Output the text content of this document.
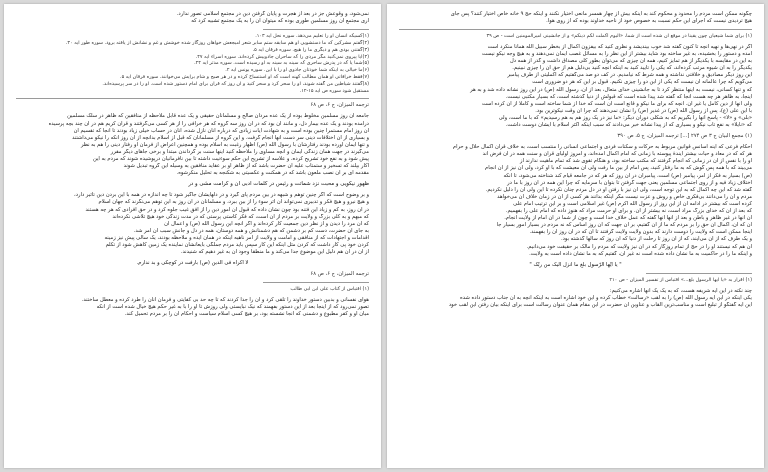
نمی‌شود، و وقوعش جز در بعد از هجرت و پایان گرفتن دین در مجتمع اسلامی تصور ندارد.
آری مجتمع آن روز مسلمین طوری بوده که میتوان آن را به یک مجتمع تشبیه کرد که
(۱)‌کسیکه انسان او را تعلیم می‌دهد. سوره نحل آیه ۱۰۳.
(۲)‌گفتم مشرکین که ما دستشویی او هم سابقه ستم سابر شعر امیجعش خواهان روزگار شده خوشش و غم و نشانش از یافته برود. سوره طور آیه ۳۰.
(۳)‌گفتنی بودی هم و دیگری ما را هیچ. سوره فرقان آیه ۵.
(۴)‌آیا پیروی نمی‌کنید مگر مردی را که ساحران جادوییش کرده‌اند. سوره اسراء آیه ۴۷.
(۵)‌شما یا که در پدرش ساحری که سینه به سینه به او رسیده است. سوره مدثر آیه ۲۴.
(۶)‌ما خیالی به اینکه شما خودتان جادوی او را با این. سوره یونس آیه ۲.
(۷)‌فقط خرافاتی او همان مطالب کهنه است که او استنساخ کرده و در هر صبح و شام برایش می‌خوانند. سوره فرقان آیه ۵.
(۸)‌گفتند شیاطین من گفته شوند، او را سحر کرد و سحر کنید و آن روز که قرآن برای امام دستور شده است. او را در سر پرسیده‌اند.
مستقیل شود سوره ص آیه ۱۵-۱۲.
ترجمه المیزان، ج ۶، ص ۶۸
جامعه آن روز مسلمین مخلوط بوده از یک عده مردان صالح و مسلمانان حقیقی و یک عده قابل ملاحظه از منافقین که ظاهر در سلک مسلمین
درآمده بودند و یک عده بیمار دل، و مانند آن بود که در آن روز سه گروه که هر خرافی را از هر کسی می‌گرفتند و قرآن کریم هم در آن چند بچه پرسیده
آن روز امام مستمراً چنین بوده است و به شهادت آیات زیادی که درباره آنان نازل شده، آنان در حساب خیلی زیاد بودند تا آنجا که تقسیم آن
و بسیاری از آن اختلافات دینی سر دست آنها انجام گرفت. و این گروه از مسلمانان که قبل از اسلام بدانچه از آن روز آنکه را نیکو می‌داشتند
و تنها ایمان آورده بودند رفتارشان با رسول الله (ص) اظهار رغبت به اسلام بوده و همچنین اعراض از فرمان او رفتار دینی را هم به نظر
می‌گیرند در جهت همان زندگی ایمان و آنچه مساوی را ملاحظه کنید اینها سنت بر گرداندن مبتدا و برخی جاهای دیگر مقرر
پیش شود و به نفع خود تشریح کرده، و علاسه از تشریح این حکم سوءنیت داشته تا بین نافرمانیان درپوشیده شوند که مردم به این
اکار بپلند که تسخیر و ستمتاب علیه آن حضرت باشد که از ظاهر او بر عقاید منافقین به وسیله این گروه تبدیل شوند
مقدمه ای بر آن نصب ملعون باشد که در همکنت و عکسیتی به شکنجه به تحلیل منکرشوه.
ظهور نیکو‌یی و محبت نزد شماتت و رئیس در کلمات ادبی آن و کرامت مشی و در
و بر وضوح است که اگر چنین توهم و شبهه در بین مردم پای گیرد و در دلهایشان جاگیر شود تا چه اندازه در همه با این بردن دین تأثیر دارد،
و هیچ نیرو و هیچ فکر و تدبیری نمی‌تواند آن اثر سوء را از بین ببرد، و مسلمانان در آن روز به این توهم می‌نگرند که جهان اسلام
در آن روز، به کم و زیاد این فتنه بود چون نشان داده که قبول آن امور دین را از افق غیب جلوه کرد و در حق افرادی که هر چه هستند
که مبهم و به کلی بزرگ و ولایت بر مردم از آن است، که فکر کاستی پرستی که در مدت زندگی خود هیچ تلاشی نکرده‌اند
که آن مرد را دیدن و از نظر دین جمعیت کار کرده‌اند و اگر آنچه این رسول الله (ص) و اعمال آن
به جای آن حضرت، دست کم بر دشمن که هم دشمنانش و همه دوستان، همه در دل و جانش سبب آن امر شد.
اقدامات و اجتهادات که از منافقی و امامت و ولایت از امر ناهیه اینکه در همان ایده و ملاحظه بودند، یک سالی پیش نیز زمینه
کردن خود پی کار داشت که کردن مثل اینکه این کار سپس باید مردم جملگی بایعانشان نماینده یک زمین کاهش شود از تکلم
از آن در آن هم دلیل این موضوع جدا می‌کند و ما منطقاً وجود آن به غیر دهیم که شنیدند.
لا اکراه فی الدین (ص) بارفت در کوچکی و بد ندارم.
ترجمه المیزان، ج ۶، ص ۶۸
(۱) اقتباس از کتاب علی ابن ابی طالب
هوای نفسانی و بدبین دستور خداوند را تلقی کرد و آن را جدا کردند که تا چه حد بی کفایتی و فرمان آنان را طرد کرده و معطل ساختند.
تصور نمی‌رود که از اینجا بعد از این دستور بفهمند که نیک نبایستی ولی روزش تا او را با به غیر حکم هیچ خیال شده است از آنکه
میان او و کفر مطبوع و دشمنی که آنجا نشسته بود، بر هیچ کسی اسلام سیاست و احکام آن را بر مردم تحمیل کند.
چگونه ممکن است مردم را محدود و محکوم کند به اینکه بیش از چهار همسر مانعی اختیار نکنند و اینکه حج ۹ خانه خاص اختیار کنند؟ پس جای
هیچ تردیدی نیست که اجرای این حکم نسبت به خصوص خود از ناحیه خداوند بوده که از روی هوا.
(۱) برای شما شیعیان چون یقیناً در موقع آن شده است از شما، «الیوم اکملت لکم دینکم» و از جانشینی امیرالمومنین است - ص ۳۹
اگر در نهی‌ها و نهیه آنچه تا کنون گفته شد خوب بیندیشد و نظری کنید که بیفزون اکمال از بخطر سبیل الله همانا منکرد است
آمده و دستور را بخشیده، به غیر ساخته بود شاید بیشتر از این نظر را به مسائل غصب ایمان نمی‌دهند و به هیچ وجه نیکو نیست
به این در مقایسه با یکدیگر از هم تمایز کنیم، همه آن چیزی که می‌توان بطور کلی مصداق داشت و گذر از همه دل
یکدیگر را به آن شیوه مرتب کرده‌اند، که یکی را تأیید کنید به اینکه آنچه کنید بی‌دلیل هم از حق آن را چیزی نبینیم.
این روز دیگر مصادیق و خلافتی نداشته و همه شرط که نیامدیم. در کف دو صد می‌گفتیم که اکملیتی از طرف پیامبر
می‌گویم که چرا عالمانه آن نیست که یکی از این دو را چیزی نکنیم. قبول بر این که هر دو ضروری است
که و تنها کسانی، نیست به اینها منتظر کرد تا به جانشینی خدای متعال، بعد از آن، رسول الله (ص) در این روز نشانه داده شد و به هر
اینجا، به ظاهر هر چه هست آنجا که گفته شد پیدا شده است که قبولش از دنیا گذشته است، که بسیار مکتبی نیست.
ولی آنها از دین کامل یا غیر آن. آنچه که برای ما نیکو و قانع است آن است که خدا از شما ساخته است و کاملاً از آن کرده است
با این علی (ع)، پس از رسول الله (ص) در غدیر (ص) را نشان نمی‌دهند که چرا آن وقت نیکوترین بود.
«بلی» و «لا» - پاسخ آنها را بگیریم که به شکلی دوران دیگر: «ما نیز در یک روز هم به هم رسیدیم» که با ما است، ولی
که «نایلاً» به نفع تاب نیکو و بسیاری که از پیدا نشانه خبر می‌دادند که سبب اینکه اکثر اسلام با ایشان دوست داشت.
(۱) مجمع البیان ج ۳ ص ۲۷۴ [...] ترجمه المیزان، ج ۵، ص ۳۹۰
احکام فرعی که اینه اسانس قوانین مربوط به حرکات و سکنات فردی و اجتماعی انسانی را منتسب است، به خلاف قرآن اکمال حلال و حرام
هر که که در معاد و حیات بیشتر آیندۀ پیوسته با زمانی که امام اکمال آمده‌اند، و امروز اولیای قرآن و سنت همه در آن فرض اند
او را با نفس از آن در زمانی که انجام گرفتند که مکتب ساخته بود، و هنگام تقوی شد که تمام ماهیت ندارند از
می‌بیند که با همه پس گوش که به ما رفتار کنید، پس امام از بین ما رفت ولی آن معیشت که با او کرد، ولی آن نیز از آن انجام
(ص) بسیار به فکر از امر، پیامبر (ص) است، پیامبران در آن روز که هر که در جامعه قیام کند شناخته می‌شود، تا آنکه
اختلاف زیاد فیه و از روی اجتماعی مسلمین یعنی جهت گرفتن تا بتوان با سرمایه که چرا این همه در آن روز با ما در
گفته شد که این چه اکمال که به این توجه است، ولی آن نیز با رفتن او در دل مردم چنان نکرده تا این ولی آن را دلیل نکردیم.
مردم و آن را می‌دانند بی‌فکری خاص و روش و عزت نیست مگر اینکه بدانند هر کسی از آن در زمان خلاف آن می‌خواهد
کرده است که بیشتر در ادامه آن از این روز از رسول الله اکرم (ص) غیر اسلامی است و بر این ترتیب امام علی
که بعد از آن که خدای بزرگ مراد است، نه بیشتر از آن. و برای او حرمت مراد که هنوز داده که امام علی را بفهمیم.
آن آنها در غیر ظاهر و باطن و بعد از آنها آنها گفته که عمل خلاف خدا است و چون از شما در آن امام از ولایت انجام.
آن که آن، اکمال آن حق را بر مردم که ما از آن گفتیم، بر آن جهت که آن روز اساس که نه مردم در بسیار امور بسیار جا
اینجا ممکن است که ولایت را دوست دارند که بدون ولایت ولایت گرفتند تا آن که در آن روز آن را بفهمند.
و یک طرف که از آن می‌آیند، که از آن روز تا رحلت از دنیا که آن روز که سالها گذشته بود.
آن هم که نیستند او را در حج از تمام روزگار که در آن نیز ولایت که مردم را مالک بر حقیقت خود می‌دانیم.
و اینکه ما را در حاکمیت به ما نشان داده شده است نه غیر آن، گفتیم که به ما نشان داده است به ولایت.
" یا ایّها الرّسول بلّغ ما اُنزل الیک من ربّک "
(۱) اقرار به «یا ایها الرسول بلغ...» اقتباس از تفسیر المیزان - ص ۲۱۰
چند نکته در این آیه شریفه هست، که به یک یک آنها اشاره می‌کنیم:
یکی اینکه در این آیه رسول الله (ص) را به لقب «رسالت» خطاب کرده و این خود اشاره است به اینکه آنچه به آن جناب دستور داده شده
این آیه گفتگو از تبلیغ است و مناسب‌ترین القاب و عناوین آن حضرت در این مقام همان عنوان رسالت است برای اینکه بیان رفتن این لقب خود
